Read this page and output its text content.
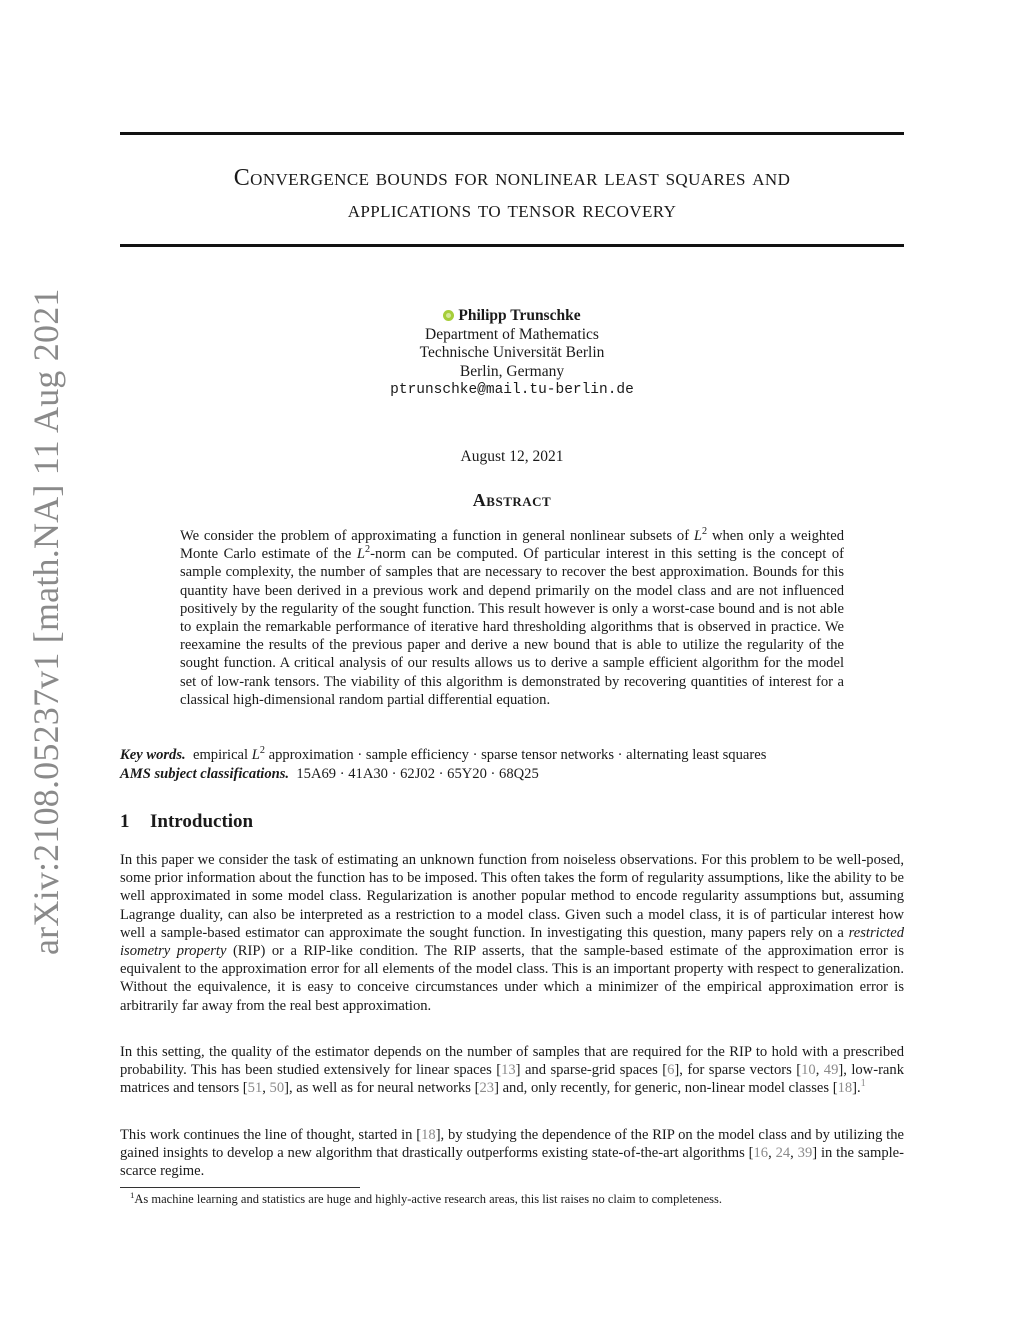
arXiv:2108.05237v1 [math.NA] 11 Aug 2021
Convergence bounds for nonlinear least squares and
applications to tensor recovery
Philipp Trunschke
Department of Mathematics
Technische Universität Berlin
Berlin, Germany
ptrunschke@mail.tu-berlin.de
August 12, 2021
Abstract
We consider the problem of approximating a function in general nonlinear subsets of $L^2$ when only a weighted Monte Carlo estimate of the $L^2$-norm can be computed. Of particular interest in this setting is the concept of sample complexity, the number of samples that are necessary to recover the best approximation. Bounds for this quantity have been derived in a previous work and depend primarily on the model class and are not influenced positively by the regularity of the sought function. This result however is only a worst-case bound and is not able to explain the remarkable performance of iterative hard thresholding algorithms that is observed in practice. We reexamine the results of the previous paper and derive a new bound that is able to utilize the regularity of the sought function. A critical analysis of our results allows us to derive a sample efficient algorithm for the model set of low-rank tensors. The viability of this algorithm is demonstrated by recovering quantities of interest for a classical high-dimensional random partial differential equation.
Key words. empirical $L^2$ approximation · sample efficiency · sparse tensor networks · alternating least squares
AMS subject classifications. 15A69 · 41A30 · 62J02 · 65Y20 · 68Q25
1 Introduction
In this paper we consider the task of estimating an unknown function from noiseless observations. For this problem to be well-posed, some prior information about the function has to be imposed. This often takes the form of regularity assumptions, like the ability to be well approximated in some model class. Regularization is another popular method to encode regularity assumptions but, assuming Lagrange duality, can also be interpreted as a restriction to a model class. Given such a model class, it is of particular interest how well a sample-based estimator can approximate the sought function. In investigating this question, many papers rely on a restricted isometry property (RIP) or a RIP-like condition. The RIP asserts, that the sample-based estimate of the approximation error is equivalent to the approximation error for all elements of the model class. This is an important property with respect to generalization. Without the equivalence, it is easy to conceive circumstances under which a minimizer of the empirical approximation error is arbitrarily far away from the real best approximation.
In this setting, the quality of the estimator depends on the number of samples that are required for the RIP to hold with a prescribed probability. This has been studied extensively for linear spaces [13] and sparse-grid spaces [6], for sparse vectors [10, 49], low-rank matrices and tensors [51, 50], as well as for neural networks [23] and, only recently, for generic, non-linear model classes [18].$^1$
This work continues the line of thought, started in [18], by studying the dependence of the RIP on the model class and by utilizing the gained insights to develop a new algorithm that drastically outperforms existing state-of-the-art algorithms [16, 24, 39] in the sample-scarce regime.
$^1$As machine learning and statistics are huge and highly-active research areas, this list raises no claim to completeness.
